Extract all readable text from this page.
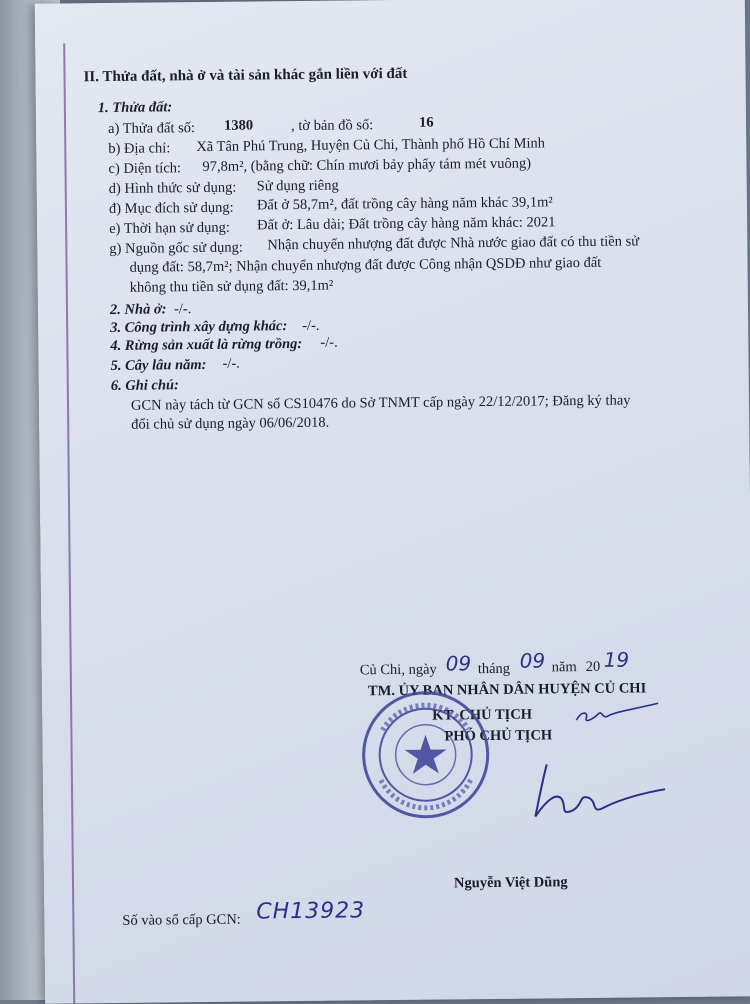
II. Thửa đất, nhà ở và tài sản khác gắn liền với đất
1. Thửa đất:
a) Thửa đất số: 1380	, tờ bản đồ số:	16
b) Địa chỉ: Xã Tân Phú Trung, Huyện Củ Chi, Thành phố Hồ Chí Minh
c) Diện tích: 97,8m², (bằng chữ: Chín mươi bảy phẩy tám mét vuông)
d) Hình thức sử dụng: Sử dụng riêng
đ) Mục đích sử dụng: Đất ở 58,7m², đất trồng cây hàng năm khác 39,1m²
e) Thời hạn sử dụng: Đất ở: Lâu dài; Đất trồng cây hàng năm khác: 2021
g) Nguồn gốc sử dụng: Nhận chuyển nhượng đất được Nhà nước giao đất có thu tiền sử
dụng đất: 58,7m²; Nhận chuyển nhượng đất được Công nhận QSDĐ như giao đất
không thu tiền sử dụng đất: 39,1m²
2. Nhà ở: -/-.
3. Công trình xây dựng khác: -/-.
4. Rừng sản xuất là rừng trồng: -/-.
5. Cây lâu năm: -/-.
6. Ghi chú:
GCN này tách từ GCN số CS10476 do Sở TNMT cấp ngày 22/12/2017; Đăng ký thay
đổi chủ sử dụng ngày 06/06/2018.
Củ Chi, ngày 09 tháng 09 năm 20 19
TM. ỦY BAN NHÂN DÂN HUYỆN CỦ CHI
KT. CHỦ TỊCH
PHÓ CHỦ TỊCH
Nguyễn Việt Dũng
Số vào sổ cấp GCN: CH13923
